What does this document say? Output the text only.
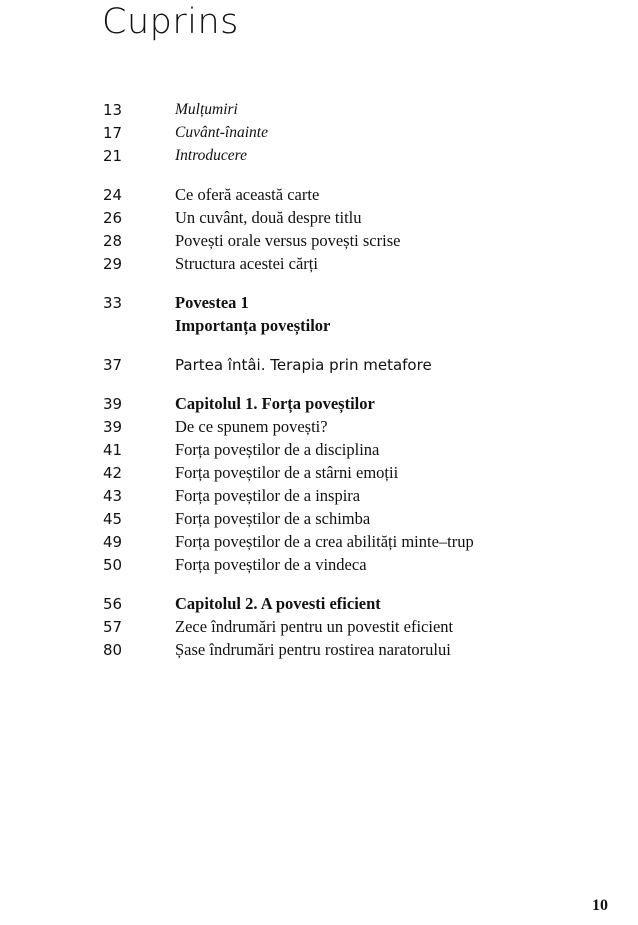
Cuprins
13	Mulțumiri
17	Cuvânt-înainte
21	Introducere
24	Ce oferă această carte
26	Un cuvânt, două despre titlu
28	Povești orale versus povești scrise
29	Structura acestei cărți
33	Povestea 1
Importanța poveștilor
37	Partea întâi. Terapia prin metafore
39	Capitolul 1. Forța poveștilor
39	De ce spunem povești?
41	Forța poveștilor de a disciplina
42	Forța poveștilor de a stârni emoții
43	Forța poveștilor de a inspira
45	Forța poveștilor de a schimba
49	Forța poveștilor de a crea abilități minte–trup
50	Forța poveștilor de a vindeca
56	Capitolul 2. A povesti eficient
57	Zece îndrumări pentru un povestit eficient
80	Șase îndrumări pentru rostirea naratorului
10
